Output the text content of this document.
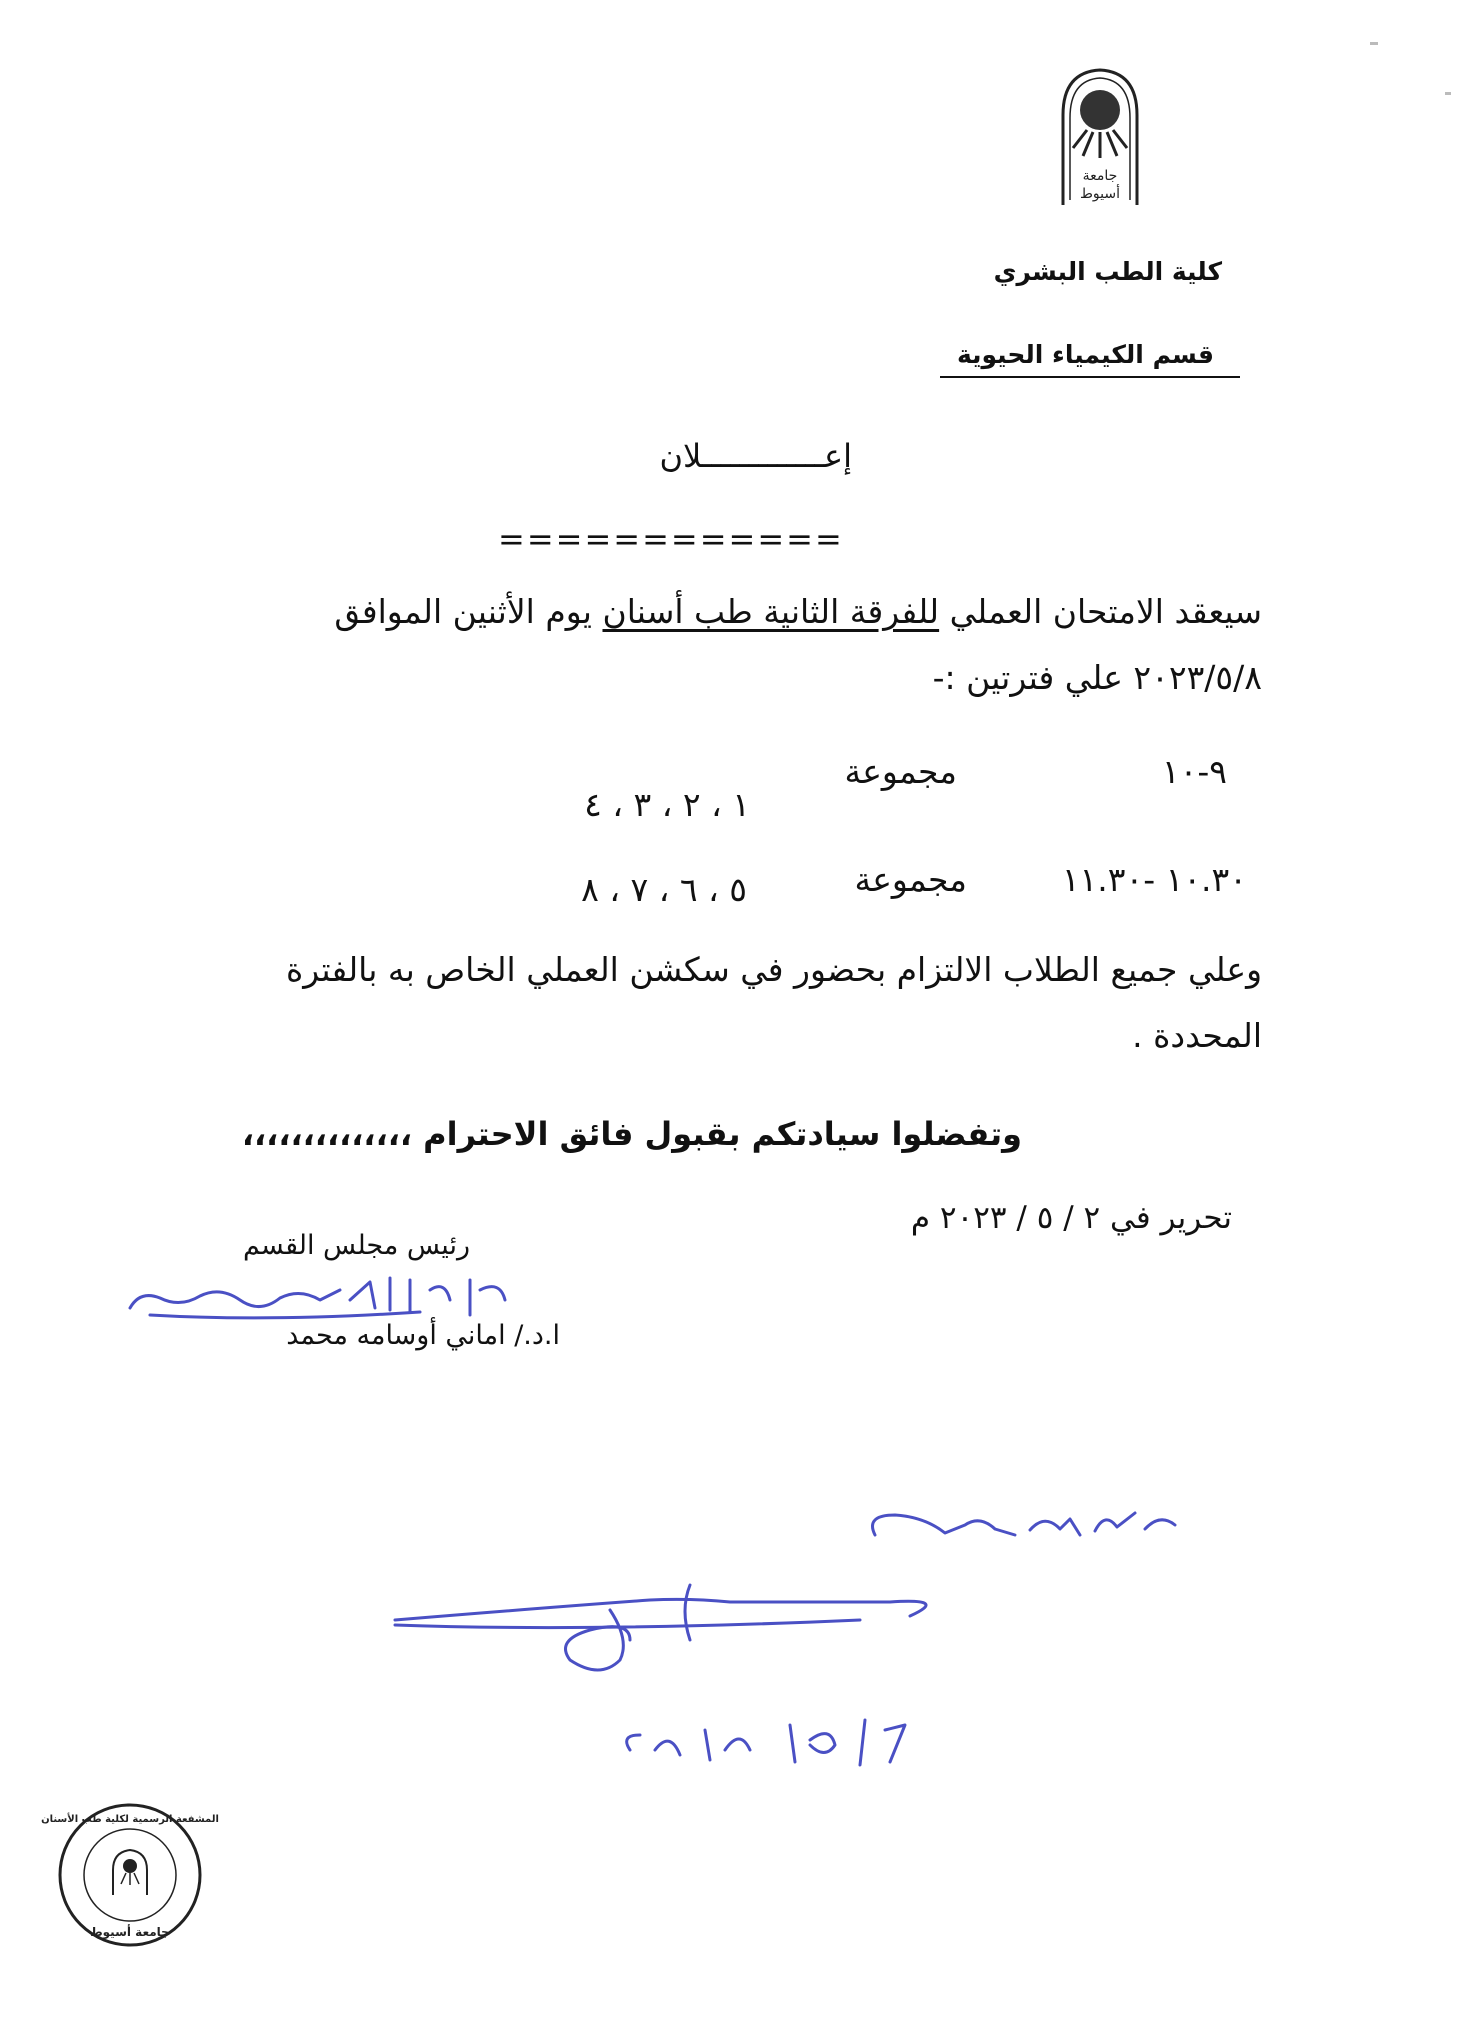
جامعة
أسيوط
كلية الطب البشري
قسم الكيمياء الحيوية
إعـــــــــــــلان
============
سيعقد الامتحان العملي للفرقة الثانية طب أسنان يوم الأثنين الموافق
٢٠٢٣/٥/٨ علي فترتين :-
٩-١٠
مجموعة
١ ، ٢ ، ٣ ، ٤
١٠.٣٠ -١١.٣٠
مجموعة
٥ ، ٦ ، ٧ ، ٨
وعلي جميع الطلاب الالتزام بحضور في سكشن العملي الخاص به بالفترة
المحددة .
وتفضلوا سيادتكم بقبول فائق الاحترام ،،،،،،،،،،،،،،
تحرير في ٢ / ٥ / ٢٠٢٣ م
رئيس مجلس القسم
ا.د./ اماني أوسامه محمد
المشفعة الرسمية لكلية طب الأسنان
جامعة أسيوط
